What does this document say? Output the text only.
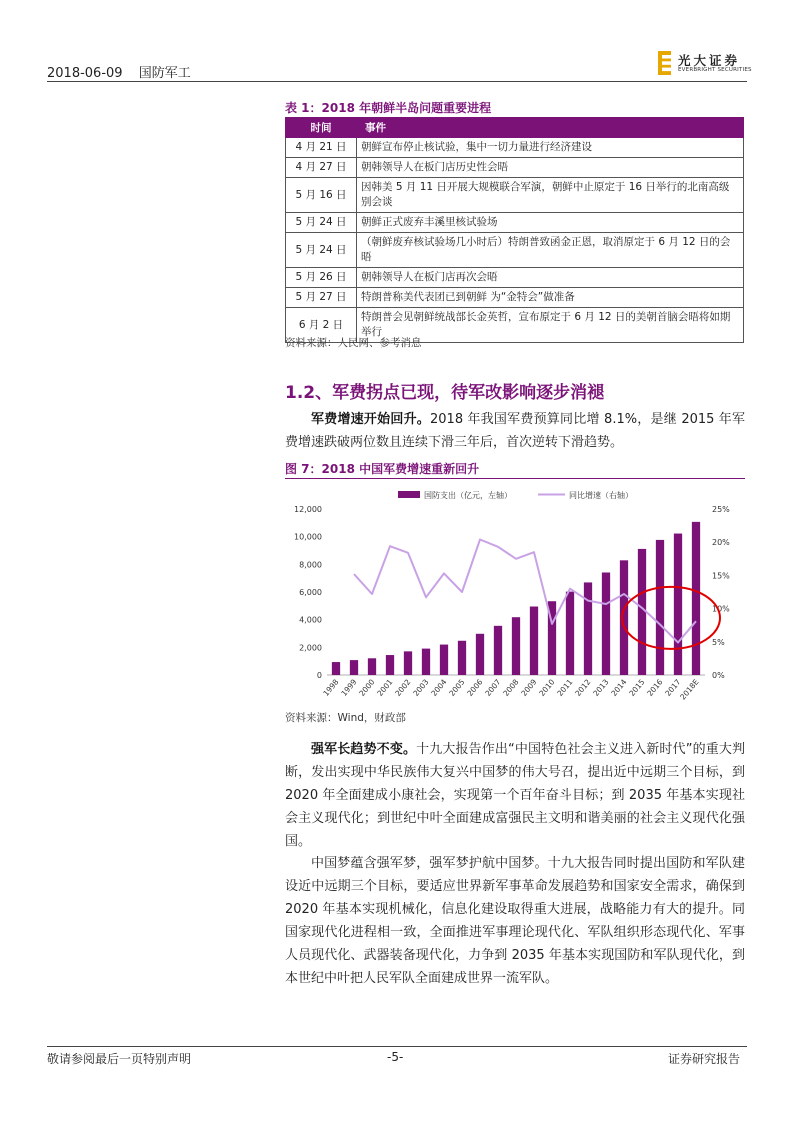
2018-06-09 国防军工
光大证券
EVERBRIGHT SECURITIES
表 1：2018 年朝鲜半岛问题重要进程
时间	事件
4 月 21 日	朝鲜宣布停止核试验，集中一切力量进行经济建设
4 月 27 日	朝韩领导人在板门店历史性会晤
5 月 16 日	因韩美 5 月 11 日开展大规模联合军演，朝鲜中止原定于 16 日举行的北南高级别会谈
5 月 24 日	朝鲜正式废弃丰溪里核试验场
5 月 24 日	（朝鲜废弃核试验场几小时后）特朗普致函金正恩，取消原定于 6 月 12 日的会晤
5 月 26 日	朝韩领导人在板门店再次会晤
5 月 27 日	特朗普称美代表团已到朝鲜 为“金特会”做准备
6 月 2 日	特朗普会见朝鲜统战部长金英哲，宣布原定于 6 月 12 日的美朝首脑会晤将如期举行
资料来源：人民网、参考消息
1.2、军费拐点已现，待军改影响逐步消褪
军费增速开始回升。2018 年我国军费预算同比增 8.1%，是继 2015 年军费增速跌破两位数且连续下滑三年后，首次逆转下滑趋势。
图 7：2018 中国军费增速重新回升
国防支出（亿元，左轴）	同比增速（右轴）
0
2,000
4,000
6,000
8,000
10,000
12,000
0%
5%
10%
15%
20%
25%
1998
1999
2000
2001
2002
2003
2004
2005
2006
2007
2008
2009
2010
2011
2012
2013
2014
2015
2016
2017
2018E
资料来源：Wind，财政部
强军长趋势不变。十九大报告作出“中国特色社会主义进入新时代”的重大判断，发出实现中华民族伟大复兴中国梦的伟大号召，提出近中远期三个目标，到 2020 年全面建成小康社会，实现第一个百年奋斗目标；到 2035 年基本实现社会主义现代化；到世纪中叶全面建成富强民主文明和谐美丽的社会主义现代化强国。
中国梦蕴含强军梦，强军梦护航中国梦。十九大报告同时提出国防和军队建设近中远期三个目标，要适应世界新军事革命发展趋势和国家安全需求，确保到 2020 年基本实现机械化，信息化建设取得重大进展，战略能力有大的提升。同国家现代化进程相一致，全面推进军事理论现代化、军队组织形态现代化、军事人员现代化、武器装备现代化，力争到 2035 年基本实现国防和军队现代化，到本世纪中叶把人民军队全面建成世界一流军队。
敬请参阅最后一页特别声明	-5-	证券研究报告
